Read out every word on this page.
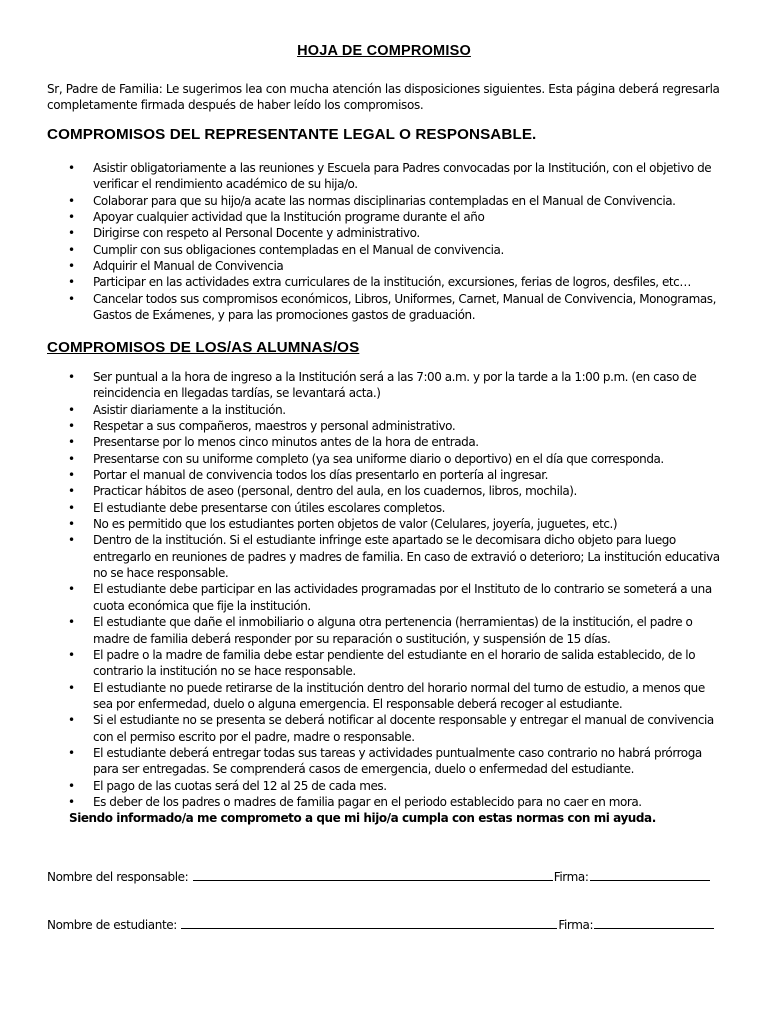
HOJA DE COMPROMISO
Sr, Padre de Familia: Le sugerimos lea con mucha atención las disposiciones siguientes. Esta página deberá regresarla completamente firmada después de haber leído los compromisos.
COMPROMISOS DEL REPRESENTANTE LEGAL O RESPONSABLE.
• Asistir obligatoriamente a las reuniones y Escuela para Padres convocadas por la Institución, con el objetivo de verificar el rendimiento académico de su hija/o.
• Colaborar para que su hijo/a acate las normas disciplinarias contempladas en el Manual de Convivencia.
• Apoyar cualquier actividad que la Institución programe durante el año
• Dirigirse con respeto al Personal Docente y administrativo.
• Cumplir con sus obligaciones contempladas en el Manual de convivencia.
• Adquirir el Manual de Convivencia
• Participar en las actividades extra curriculares de la institución, excursiones, ferias de logros, desfiles, etc…
• Cancelar todos sus compromisos económicos, Libros, Uniformes, Carnet, Manual de Convivencia, Monogramas, Gastos de Exámenes, y para las promociones gastos de graduación.
COMPROMISOS DE LOS/AS ALUMNAS/OS
• Ser puntual a la hora de ingreso a la Institución será a las 7:00 a.m. y por la tarde a la 1:00 p.m. (en caso de reincidencia en llegadas tardías, se levantará acta.)
• Asistir diariamente a la institución.
• Respetar a sus compañeros, maestros y personal administrativo.
• Presentarse por lo menos cinco minutos antes de la hora de entrada.
• Presentarse con su uniforme completo (ya sea uniforme diario o deportivo) en el día que corresponda.
• Portar el manual de convivencia todos los días presentarlo en portería al ingresar.
• Practicar hábitos de aseo (personal, dentro del aula, en los cuadernos, libros, mochila).
• El estudiante debe presentarse con útiles escolares completos.
• No es permitido que los estudiantes porten objetos de valor (Celulares, joyería, juguetes, etc.)
• Dentro de la institución. Si el estudiante infringe este apartado se le decomisara dicho objeto para luego entregarlo en reuniones de padres y madres de familia. En caso de extravió o deterioro; La institución educativa no se hace responsable.
• El estudiante debe participar en las actividades programadas por el Instituto de lo contrario se someterá a una cuota económica que fije la institución.
• El estudiante que dañe el inmobiliario o alguna otra pertenencia (herramientas) de la institución, el padre o madre de familia deberá responder por su reparación o sustitución, y suspensión de 15 días.
• El padre o la madre de familia debe estar pendiente del estudiante en el horario de salida establecido, de lo contrario la institución no se hace responsable.
• El estudiante no puede retirarse de la institución dentro del horario normal del turno de estudio, a menos que sea por enfermedad, duelo o alguna emergencia. El responsable deberá recoger al estudiante.
• Si el estudiante no se presenta se deberá notificar al docente responsable y entregar el manual de convivencia con el permiso escrito por el padre, madre o responsable.
• El estudiante deberá entregar todas sus tareas y actividades puntualmente caso contrario no habrá prórroga para ser entregadas. Se comprenderá casos de emergencia, duelo o enfermedad del estudiante.
• El pago de las cuotas será del 12 al 25 de cada mes.
• Es deber de los padres o madres de familia pagar en el periodo establecido para no caer en mora.
Siendo informado/a me comprometo a que mi hijo/a cumpla con estas normas con mi ayuda.
Nombre del responsable:	Firma:
Nombre de estudiante:	Firma:
